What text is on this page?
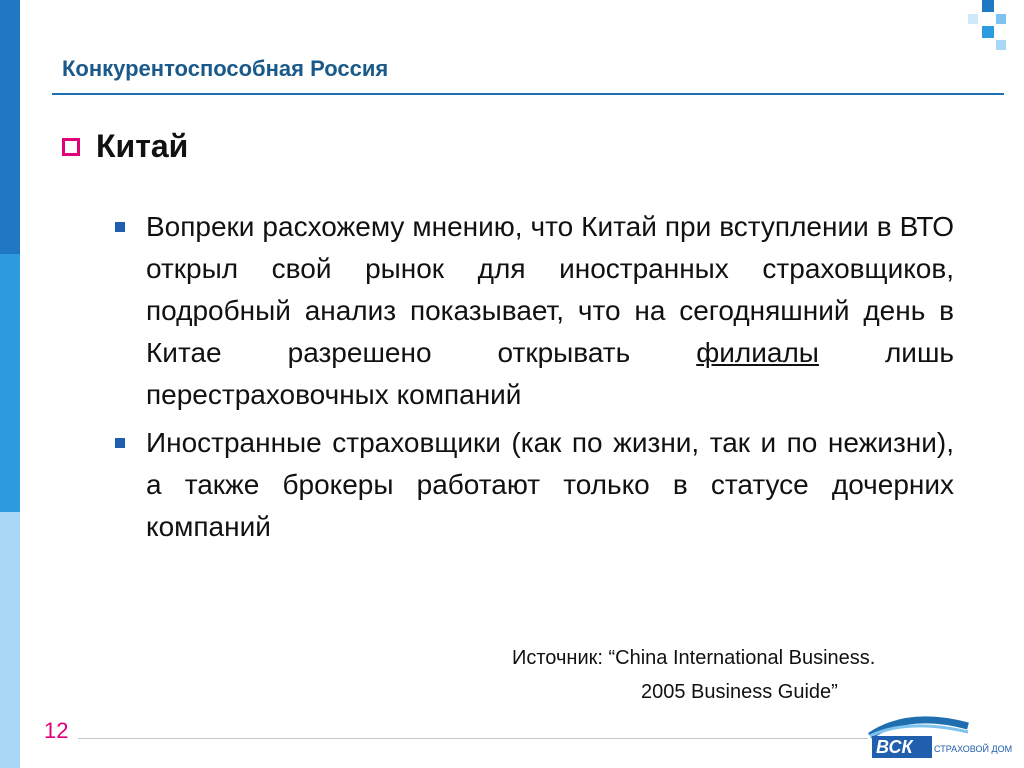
Конкурентоспособная Россия
Китай
Вопреки расхожему мнению, что Китай при вступлении в ВТО открыл свой рынок для иностранных страховщиков, подробный анализ показывает, что на сегодняшний день в Китае разрешено открывать филиалы лишь перестраховочных компаний
Иностранные страховщики (как по жизни, так и по нежизни), а также брокеры работают только в статусе дочерних компаний
Источник: “China International Business.

2005 Business Guide”
12
ВСК СТРАХОВОЙ ДОМ
